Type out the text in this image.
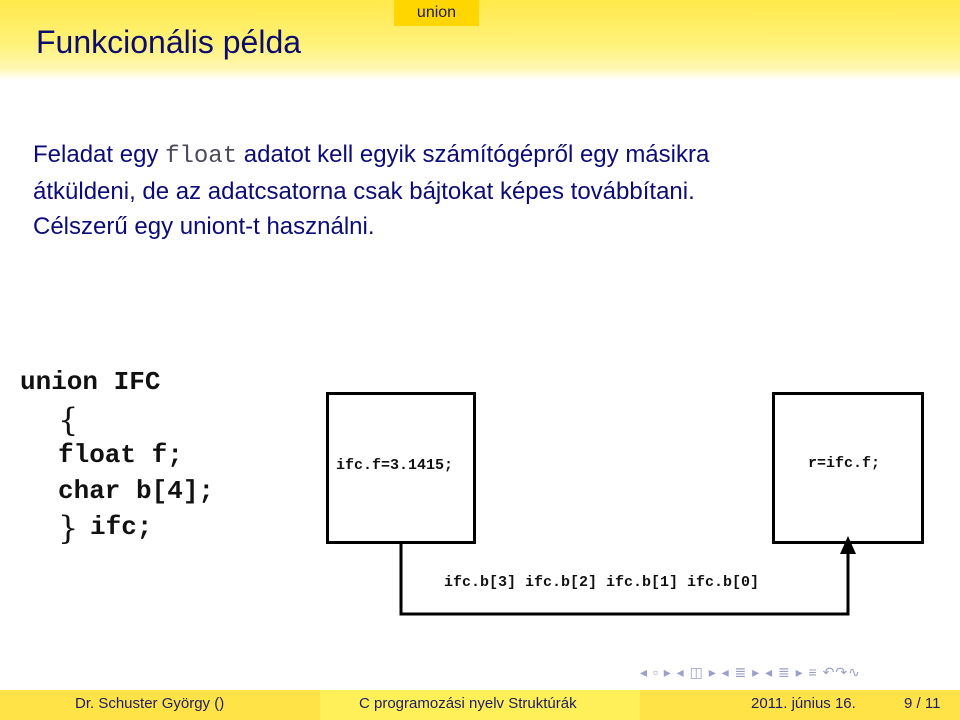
union
Funkcionális példa
Feladat egy float adatot kell egyik számítógépről egy másikra
átküldeni, de az adatcsatorna csak bájtokat képes továbbítani.
Célszerű egy uniont-t használni.
union IFC
{
float f;
char b[4];
} ifc;
ifc.f=3.1415;	r=ifc.f;
ifc.b[3] ifc.b[2] ifc.b[1] ifc.b[0]
◂ ▫ ▸ ◂ ◫ ▸ ◂ ≣ ▸ ◂ ≣ ▸ ≡ ↶↷∿
Dr. Schuster György ()	C programozási nyelv Struktúrák	2011. június 16.	9 / 11
